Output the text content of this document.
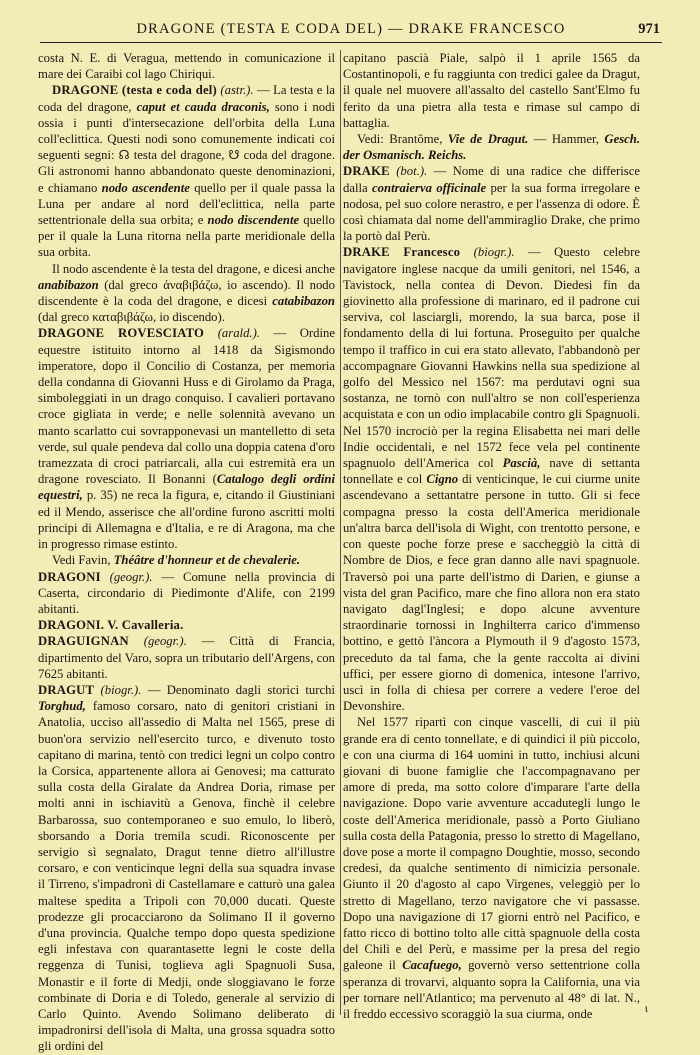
DRAGONE (TESTA E CODA DEL) — DRAKE FRANCESCO	971

costa N. E. di Veragua, mettendo in comunicazione il mare dei Caraibi col lago Chiriqui.

DRAGONE (testa e coda del) (astr.). — La testa e la coda del dragone, caput et cauda draconis, sono i nodi ossia i punti d'intersecazione dell'orbita della Luna coll'eclittica. Questi nodi sono comunemente indicati coi seguenti segni: ☊ testa del dragone, ☋ coda del dragone. Gli astronomi hanno abbandonato queste denominazioni, e chiamano nodo ascendente quello per il quale passa la Luna per andare al nord dell'eclittica, nella parte settentrionale della sua orbita; e nodo discendente quello per il quale la Luna ritorna nella parte meridionale della sua orbita.

Il nodo ascendente è la testa del dragone, e dicesi anche anabibazon (dal greco ἀναβιβάζω, io ascendo). Il nodo discendente è la coda del dragone, e dicesi catabibazon (dal greco καταβιβάζω, io discendo).

DRAGONE ROVESCIATO (arald.). — Ordine equestre istituito intorno al 1418 da Sigismondo imperatore, dopo il Concilio di Costanza, per memoria della condanna di Giovanni Huss e di Girolamo da Praga, simboleggiati in un drago conquiso. I cavalieri portavano croce gigliata in verde; e nelle solennità avevano un manto scarlatto cui sovrapponevasi un mantelletto di seta verde, sul quale pendeva dal collo una doppia catena d'oro tramezzata di croci patriarcali, alla cui estremità era un dragone rovesciato. Il Bonanni (Catalogo degli ordini equestri, p. 35) ne reca la figura, e, citando il Giustiniani ed il Mendo, asserisce che all'ordine furono ascritti molti principi di Allemagna e d'Italia, e re di Aragona, ma che in progresso rimase estinto.

Vedi Favin, Théâtre d'honneur et de chevalerie.

DRAGONI (geogr.). — Comune nella provincia di Caserta, circondario di Piedimonte d'Alife, con 2199 abitanti.

DRAGONI. V. Cavalleria.

DRAGUIGNAN (geogr.). — Città di Francia, dipartimento del Varo, sopra un tributario dell'Argens, con 7625 abitanti.

DRAGUT (biogr.). — Denominato dagli storici turchi Torghud, famoso corsaro, nato di genitori cristiani in Anatolia, ucciso all'assedio di Malta nel 1565, prese di buon'ora servizio nell'esercito turco, e divenuto tosto capitano di marina, tentò con tredici legni un colpo contro la Corsica, appartenente allora ai Genovesi; ma catturato sulla costa della Giralate da Andrea Doria, rimase per molti anni in ischiavitù a Genova, finchè il celebre Barbarossa, suo contemporaneo e suo emulo, lo liberò, sborsando a Doria tremila scudi. Riconoscente per servigio sì segnalato, Dragut tenne dietro all'illustre corsaro, e con venticinque legni della sua squadra invase il Tirreno, s'impadronì di Castellamare e catturò una galea maltese spedita a Tripoli con 70,000 ducati. Queste prodezze gli procacciarono da Solimano II il governo d'una provincia. Qualche tempo dopo questa spedizione egli infestava con quarantasette legni le coste della reggenza di Tunisi, toglieva agli Spagnuoli Susa, Monastir e il forte di Medji, onde sloggiavano le forze combinate di Doria e di Toledo, generale al servizio di Carlo Quinto. Avendo Solimano deliberato di impadronirsi dell'isola di Malta, una grossa squadra sotto gli ordini del

capitano pascià Piale, salpò il 1 aprile 1565 da Costantinopoli, e fu raggiunta con tredici galee da Dragut, il quale nel muovere all'assalto del castello Sant'Elmo fu ferito da una pietra alla testa e rimase sul campo di battaglia.

Vedi: Brantôme, Vie de Dragut. — Hammer, Gesch. der Osmanisch. Reichs.

DRAKE (bot.). — Nome di una radice che differisce dalla contraierva officinale per la sua forma irregolare e nodosa, pel suo colore nerastro, e per l'assenza di odore. È così chiamata dal nome dell'ammiraglio Drake, che primo la portò dal Perù.

DRAKE Francesco (biogr.). — Questo celebre navigatore inglese nacque da umili genitori, nel 1546, a Tavistock, nella contea di Devon. Diedesi fin da giovinetto alla professione di marinaro, ed il padrone cui serviva, col lasciargli, morendo, la sua barca, pose il fondamento della di lui fortuna. Proseguito per qualche tempo il traffico in cui era stato allevato, l'abbandonò per accompagnare Giovanni Hawkins nella sua spedizione al golfo del Messico nel 1567: ma perdutavi ogni sua sostanza, ne tornò con null'altro se non coll'esperienza acquistata e con un odio implacabile contro gli Spagnuoli. Nel 1570 incrociò per la regina Elisabetta nei mari delle Indie occidentali, e nel 1572 fece vela pel continente spagnuolo dell'America col Pascià, nave di settanta tonnellate e col Cigno di venticinque, le cui ciurme unite ascendevano a settantatre persone in tutto. Gli si fece compagna presso la costa dell'America meridionale un'altra barca dell'isola di Wight, con trentotto persone, e con queste poche forze prese e saccheggiò la città di Nombre de Dios, e fece gran danno alle navi spagnuole. Traversò poi una parte dell'istmo di Darien, e giunse a vista del gran Pacifico, mare che fino allora non era stato navigato dagl'Inglesi; e dopo alcune avventure straordinarie tornossi in Inghilterra carico d'immenso bottino, e gettò l'àncora a Plymouth il 9 d'agosto 1573, preceduto da tal fama, che la gente raccolta ai divini uffici, per essere giorno di domenica, intesone l'arrivo, uscì in folla di chiesa per correre a vedere l'eroe del Devonshire.

Nel 1577 ripartì con cinque vascelli, di cui il più grande era di cento tonnellate, e di quindici il più piccolo, e con una ciurma di 164 uomini in tutto, inchiusi alcuni giovani di buone famiglie che l'accompagnavano per amore di preda, ma sotto colore d'imparare l'arte della navigazione. Dopo varie avventure accadutegli lungo le coste dell'America meridionale, passò a Porto Giuliano sulla costa della Patagonia, presso lo stretto di Magellano, dove pose a morte il compagno Doughtie, mosso, secondo credesi, da qualche sentimento di nimicizia personale. Giunto il 20 d'agosto al capo Virgenes, veleggiò per lo stretto di Magellano, terzo navigatore che vi passasse. Dopo una navigazione di 17 giorni entrò nel Pacifico, e fatto ricco di bottino tolto alle città spagnuole della costa del Chilì e del Perù, e massime per la presa del regio galeone il Cacafuego, governò verso settentrione colla speranza di trovarvi, alquanto sopra la California, una via per tornare nell'Atlantico; ma pervenuto al 48° di lat. N., il freddo eccessivo scoraggiò la sua ciurma, onde	ɩ
